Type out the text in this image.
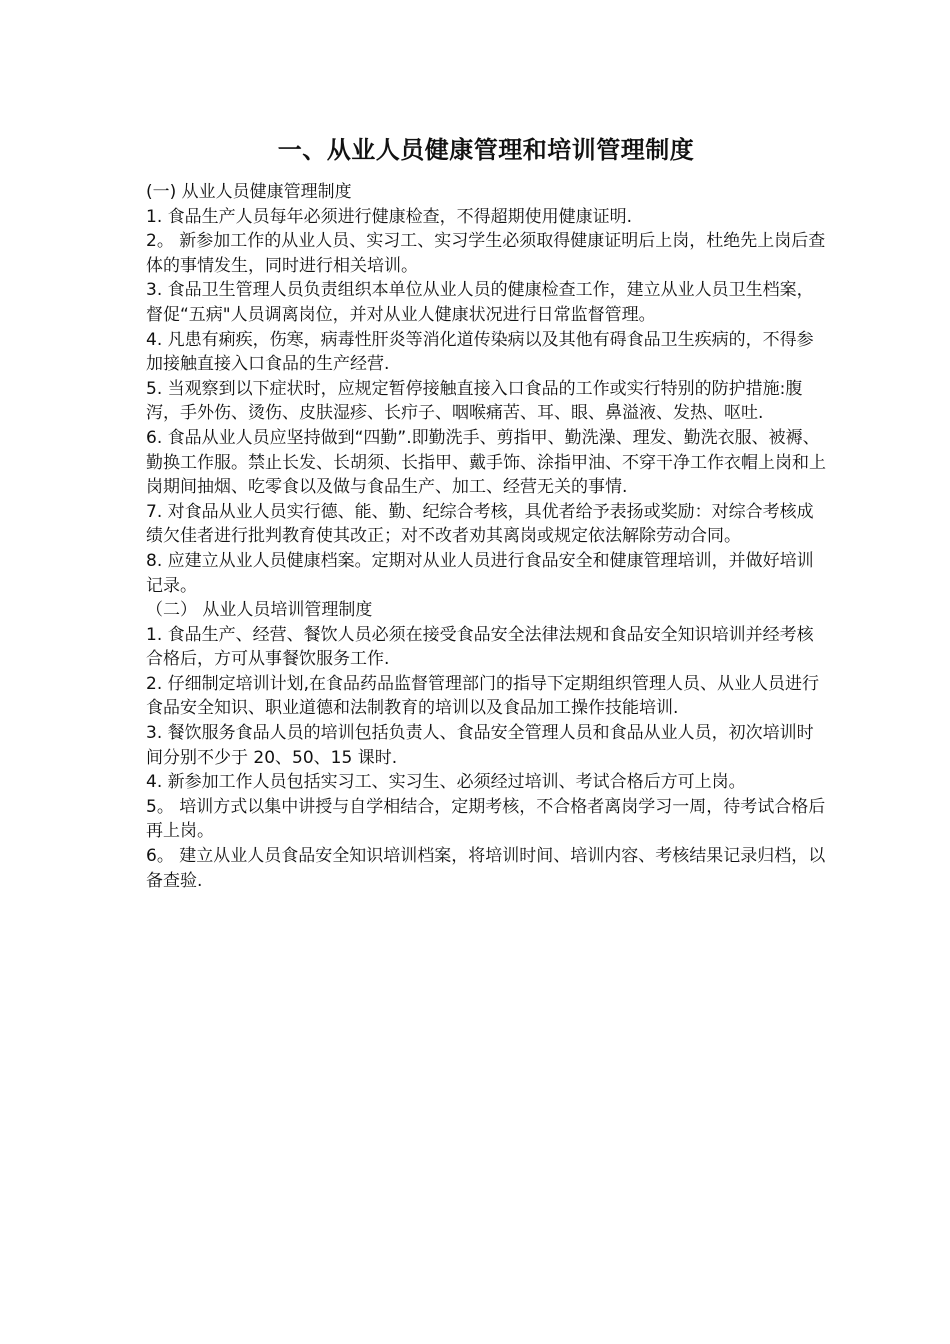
一、从业人员健康管理和培训管理制度

(一) 从业人员健康管理制度

1. 食品生产人员每年必须进行健康检查，不得超期使用健康证明.

2。 新参加工作的从业人员、实习工、实习学生必须取得健康证明后上岗，杜绝先上岗后查体的事情发生，同时进行相关培训。

3. 食品卫生管理人员负责组织本单位从业人员的健康检查工作，建立从业人员卫生档案，督促“五病"人员调离岗位，并对从业人健康状况进行日常监督管理。

4. 凡患有痢疾，伤寒，病毒性肝炎等消化道传染病以及其他有碍食品卫生疾病的，不得参加接触直接入口食品的生产经营.

5. 当观察到以下症状时，应规定暂停接触直接入口食品的工作或实行特别的防护措施:腹泻，手外伤、烫伤、皮肤湿疹、长疖子、咽喉痛苦、耳、眼、鼻溢液、发热、呕吐.

6. 食品从业人员应坚持做到“四勤”.即勤洗手、剪指甲、勤洗澡、理发、勤洗衣服、被褥、勤换工作服。禁止长发、长胡须、长指甲、戴手饰、涂指甲油、不穿干净工作衣帽上岗和上岗期间抽烟、吃零食以及做与食品生产、加工、经营无关的事情.

7. 对食品从业人员实行德、能、勤、纪综合考核，具优者给予表扬或奖励：对综合考核成绩欠佳者进行批判教育使其改正；对不改者劝其离岗或规定依法解除劳动合同。

8. 应建立从业人员健康档案。定期对从业人员进行食品安全和健康管理培训，并做好培训记录。

（二） 从业人员培训管理制度

1. 食品生产、经营、餐饮人员必须在接受食品安全法律法规和食品安全知识培训并经考核合格后，方可从事餐饮服务工作.

2. 仔细制定培训计划,在食品药品监督管理部门的指导下定期组织管理人员、从业人员进行食品安全知识、职业道德和法制教育的培训以及食品加工操作技能培训.

3. 餐饮服务食品人员的培训包括负责人、食品安全管理人员和食品从业人员，初次培训时间分别不少于 20、50、15 课时.

4. 新参加工作人员包括实习工、实习生、必须经过培训、考试合格后方可上岗。

5。 培训方式以集中讲授与自学相结合，定期考核，不合格者离岗学习一周，待考试合格后再上岗。

6。 建立从业人员食品安全知识培训档案，将培训时间、培训内容、考核结果记录归档，以备查验.
